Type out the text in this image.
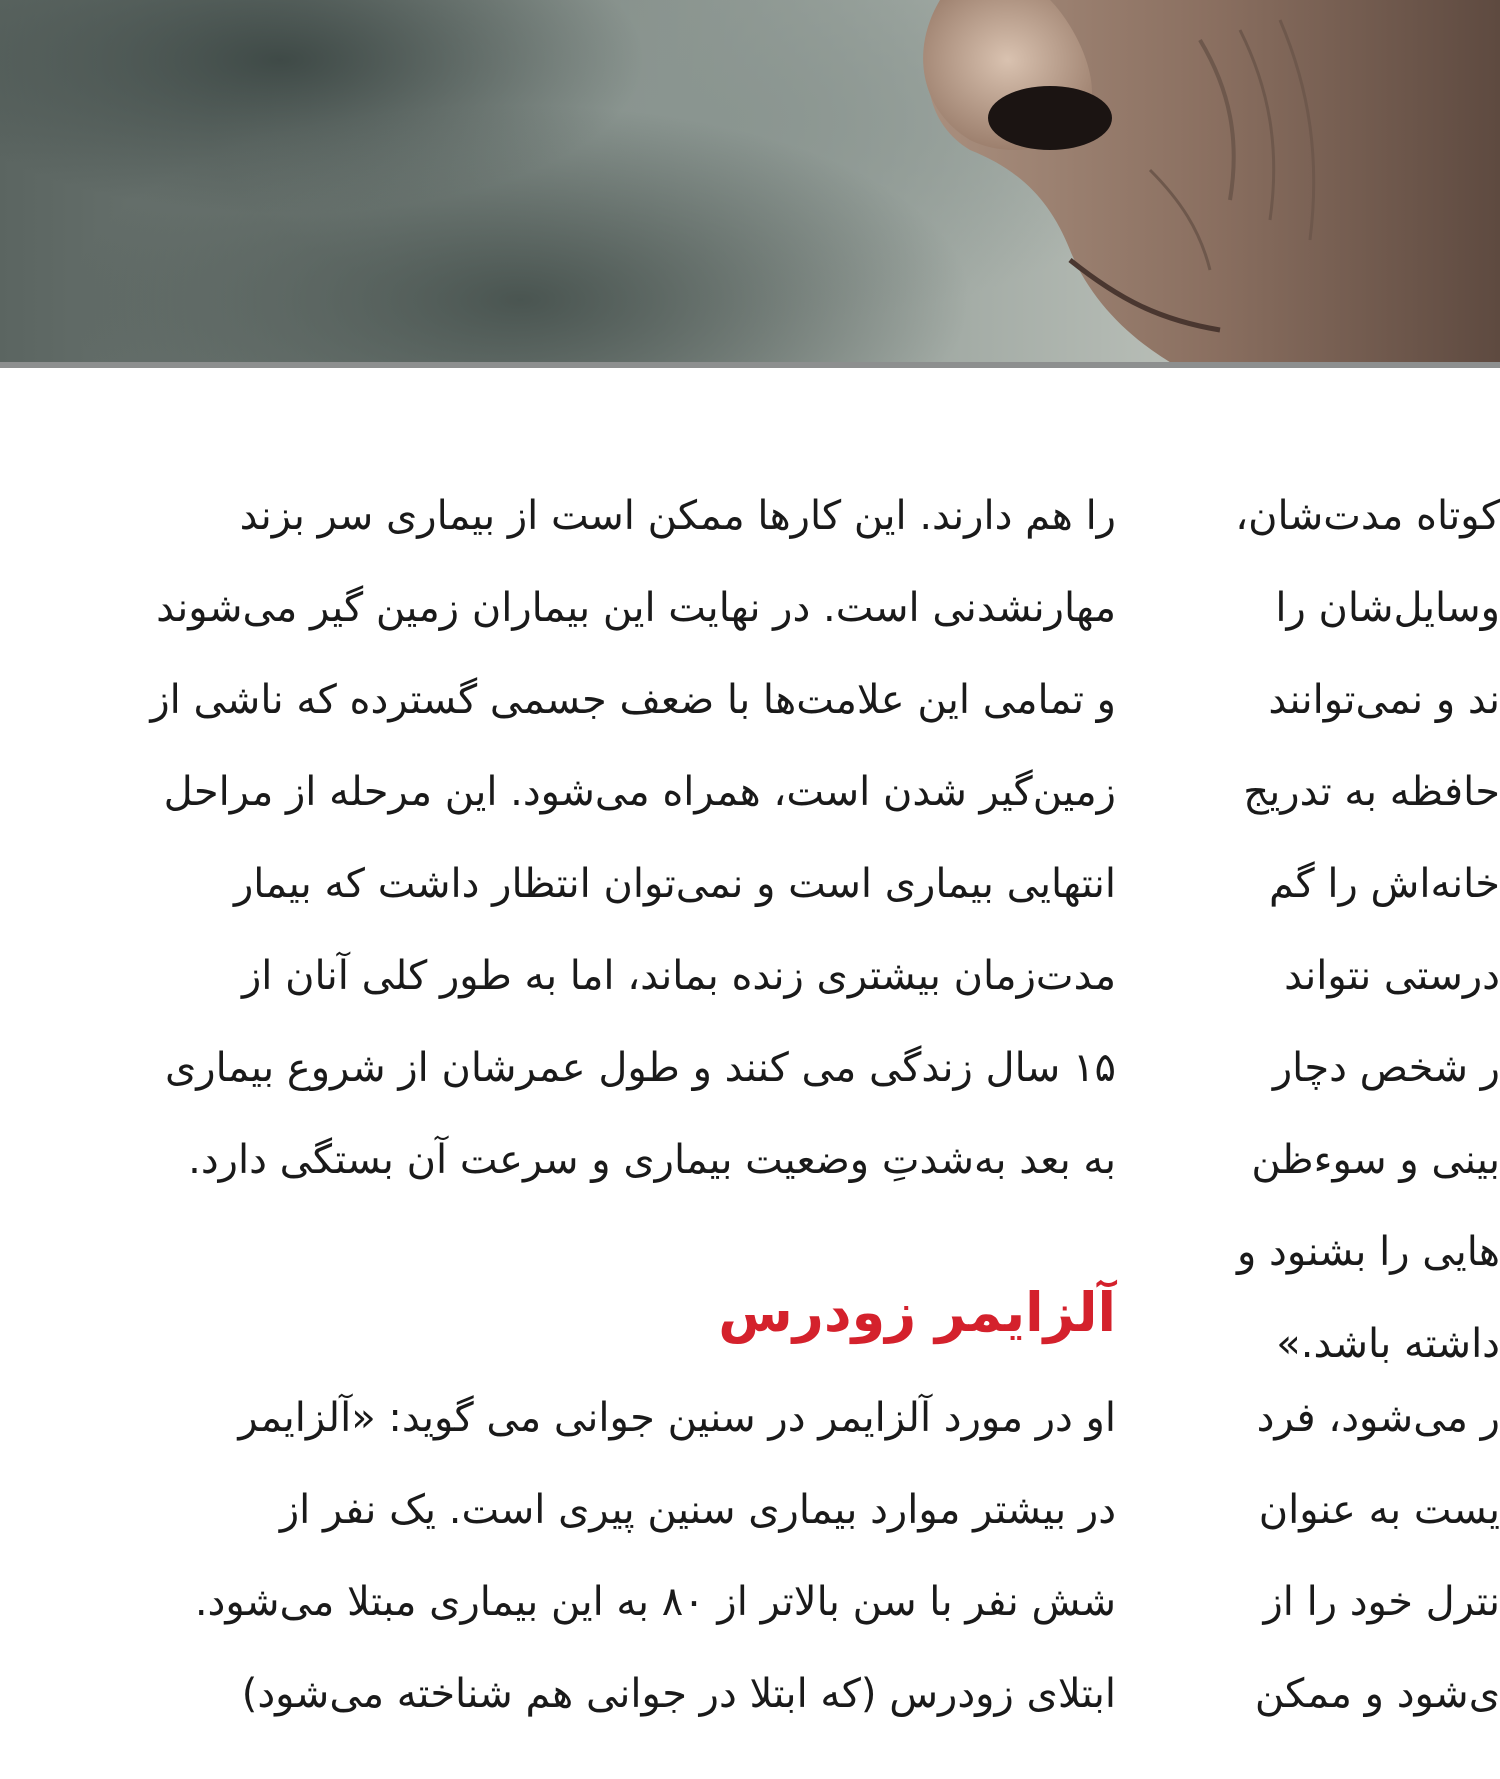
کوتاه مدت‌شان،
وسایل‌شان را
ند و نمی‌توانند
حافظه به تدریج
خانه‌اش را گم
درستی نتواند
ر شخص دچار
بینی و سوءظن
هایی را بشنود و
داشته باشد.»
را هم دارند. این کارها ممکن است از بیماری سر بزند
مهارنشدنی است. در نهایت این بیماران زمین گیر می‌شوند
و تمامی این علامت‌ها با ضعف جسمی گسترده که ناشی از
زمین‌گیر شدن است، همراه می‌شود. این مرحله از مراحل
انتهایی بیماری است و نمی‌توان انتظار داشت که بیمار
مدت‌زمان بیشتری زنده بماند، اما به طور کلی آنان از
۱۵ سال زندگی می کنند و طول عمرشان از شروع بیماری
به بعد به‌شدتِ وضعیت بیماری و سرعت آن بستگی دارد.
آلزایمر زودرس
او در مورد آلزایمر در سنین جوانی می گوید: «آلزایمر
در بیشتر موارد بیماری سنین پیری است. یک نفر از
شش نفر با سن بالاتر از ۸۰ به این بیماری مبتلا می‌شود.
ابتلای زودرس (که ابتلا در جوانی هم شناخته می‌شود)
ر می‌شود، فرد
یست به عنوان
نترل خود را از
ی‌شود و ممکن
